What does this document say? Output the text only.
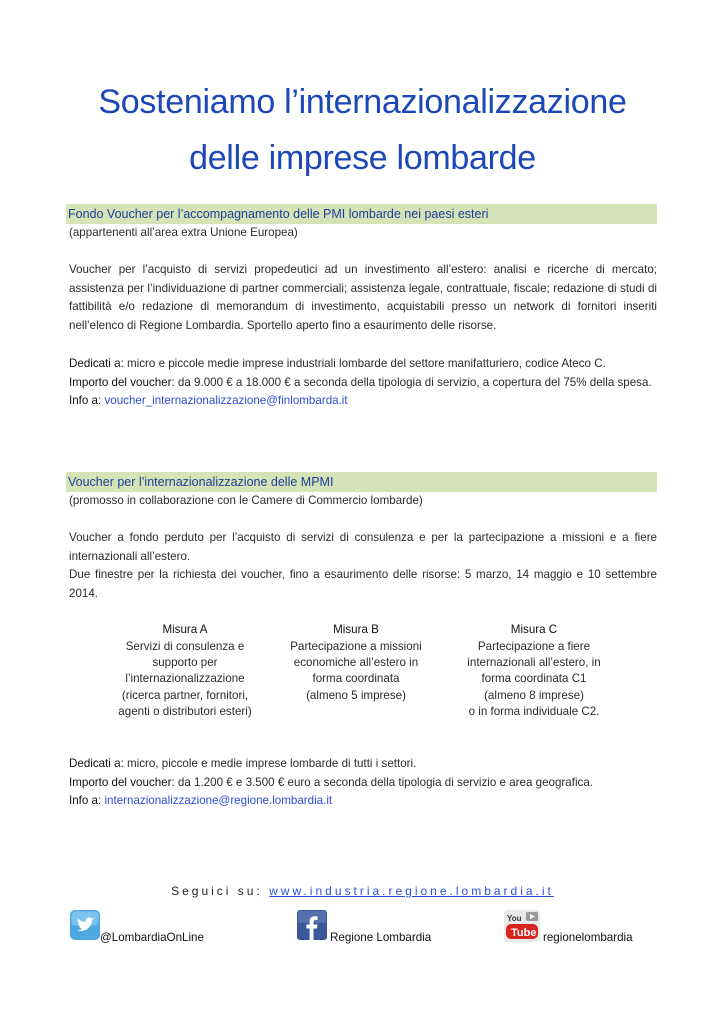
Sosteniamo l’internazionalizzazione
delle imprese lombarde
Fondo Voucher per l’accompagnamento delle PMI lombarde nei paesi esteri
(appartenenti all’area extra Unione Europea)
Voucher per l’acquisto di servizi propedeutici ad un investimento all’estero: analisi e ricerche di mercato; assistenza per l’individuazione di partner commerciali; assistenza legale, contrattuale, fiscale; redazione di studi di fattibilità e/o redazione di memorandum di investimento, acquistabili presso un network di fornitori inseriti nell’elenco di Regione Lombardia. Sportello aperto fino a esaurimento delle risorse.
Dedicati a: micro e piccole medie imprese industriali lombarde del settore manifatturiero, codice Ateco C.
Importo del voucher: da 9.000 € a 18.000 € a seconda della tipologia di servizio, a copertura del 75% della spesa.
Info a: voucher_internazionalizzazione@finlombarda.it
Voucher per l’internazionalizzazione delle MPMI
(promosso in collaborazione con le Camere di Commercio lombarde)
Voucher a fondo perduto per l’acquisto di servizi di consulenza e per la partecipazione a missioni e a fiere internazionali all’estero.
Due finestre per la richiesta dei voucher, fino a esaurimento delle risorse: 5 marzo, 14 maggio e 10 settembre 2014.
Misura A
Servizi di consulenza e
supporto per
l’internazionalizzazione
(ricerca partner, fornitori,
agenti o distributori esteri)
Misura B
Partecipazione a missioni
economiche all’estero in
forma coordinata
(almeno 5 imprese)
Misura C
Partecipazione a fiere
internazionali all’estero, in
forma coordinata C1
(almeno 8 imprese)
o in forma individuale C2.
Dedicati a: micro, piccole e medie imprese lombarde di tutti i settori.
Importo del voucher: da 1.200 € e 3.500 € euro a seconda della tipologia di servizio e area geografica.
Info a: internazionalizzazione@regione.lombardia.it
Seguici su: www.industria.regione.lombardia.it
@LombardiaOnLine	Regione Lombardia
You
Tube regionelombardia
